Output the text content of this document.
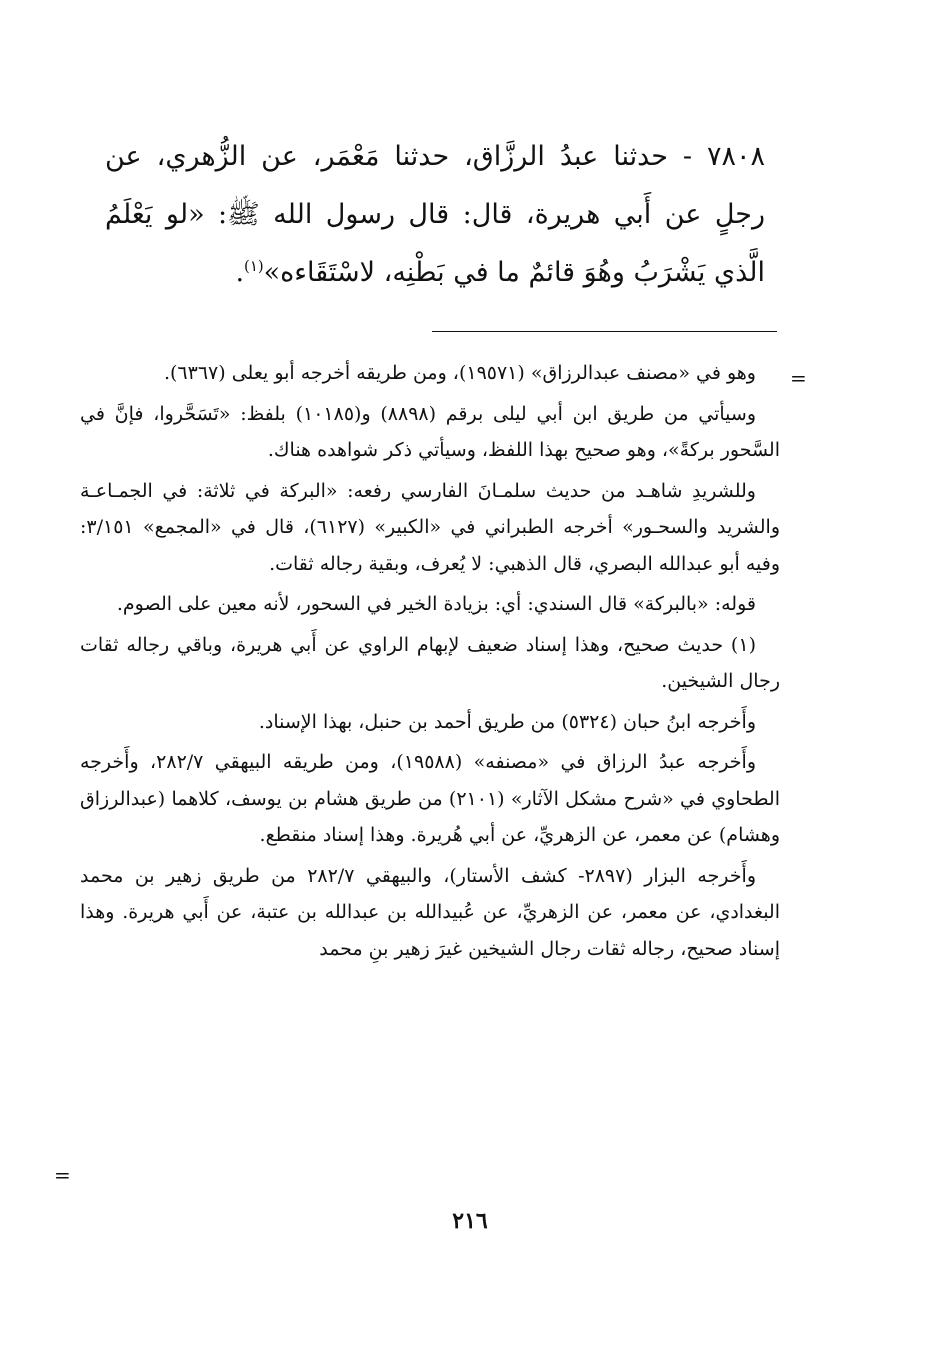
٧٨٠٨ - حدثنا عبدُ الرزَّاق، حدثنا مَعْمَر، عن الزُّهري، عن رجلٍ عن أَبي هريرة، قال: قال رسول الله ﷺ: «لو يَعْلَمُ الَّذي يَشْرَبُ وهُوَ قائمٌ ما في بَطْنِه، لاسْتَقَاءه»$^{(١)}$.

=

وهو في «مصنف عبدالرزاق» (١٩٥٧١)، ومن طريقه أخرجه أبو يعلى (٦٣٦٧).

وسيأتي من طريق ابن أبي ليلى برقم (٨٨٩٨) و(١٠١٨٥) بلفظ: «تَسَحَّروا، فإنَّ في السَّحور بركةً»، وهو صحيح بهذا اللفظ، وسيأتي ذكر شواهده هناك.

وللشريدِ شاهـد من حديث سلمـانَ الفارسي رفعه: «البركة في ثلاثة: في الجمـاعـة والشريد والسحـور» أخرجه الطبراني في «الكبير» (٦١٢٧)، قال في «المجمع» ٣/١٥١: وفيه أبو عبدالله البصري، قال الذهبي: لا يُعرف، وبقية رجاله ثقات.

قوله: «بالبركة» قال السندي: أي: بزيادة الخير في السحور، لأنه معين على الصوم.

(١) حديث صحيح، وهذا إسناد ضعيف لإبهام الراوي عن أَبي هريرة، وباقي رجاله ثقات رجال الشيخين.

وأَخرجه ابنُ حبان (٥٣٢٤) من طريق أحمد بن حنبل، بهذا الإسناد.

وأَخرجه عبدُ الرزاق في «مصنفه» (١٩٥٨٨)، ومن طريقه البيهقي ٢٨٢/٧، وأَخرجه الطحاوي في «شرح مشكل الآثار» (٢١٠١) من طريق هشام بن يوسف، كلاهما (عبدالرزاق وهشام) عن معمر، عن الزهريِّ، عن أبي هُريرة. وهذا إسناد منقطع.

وأَخرجه البزار (٢٨٩٧- كشف الأستار)، والبيهقي ٢٨٢/٧ من طريق زهير بن محمد البغدادي، عن معمر، عن الزهريِّ، عن عُبيدالله بن عبدالله بن عتبة، عن أَبي هريرة. وهذا إسناد صحيح، رجاله ثقات رجال الشيخين غيرَ زهير بنِ محمد

=
٢١٦
